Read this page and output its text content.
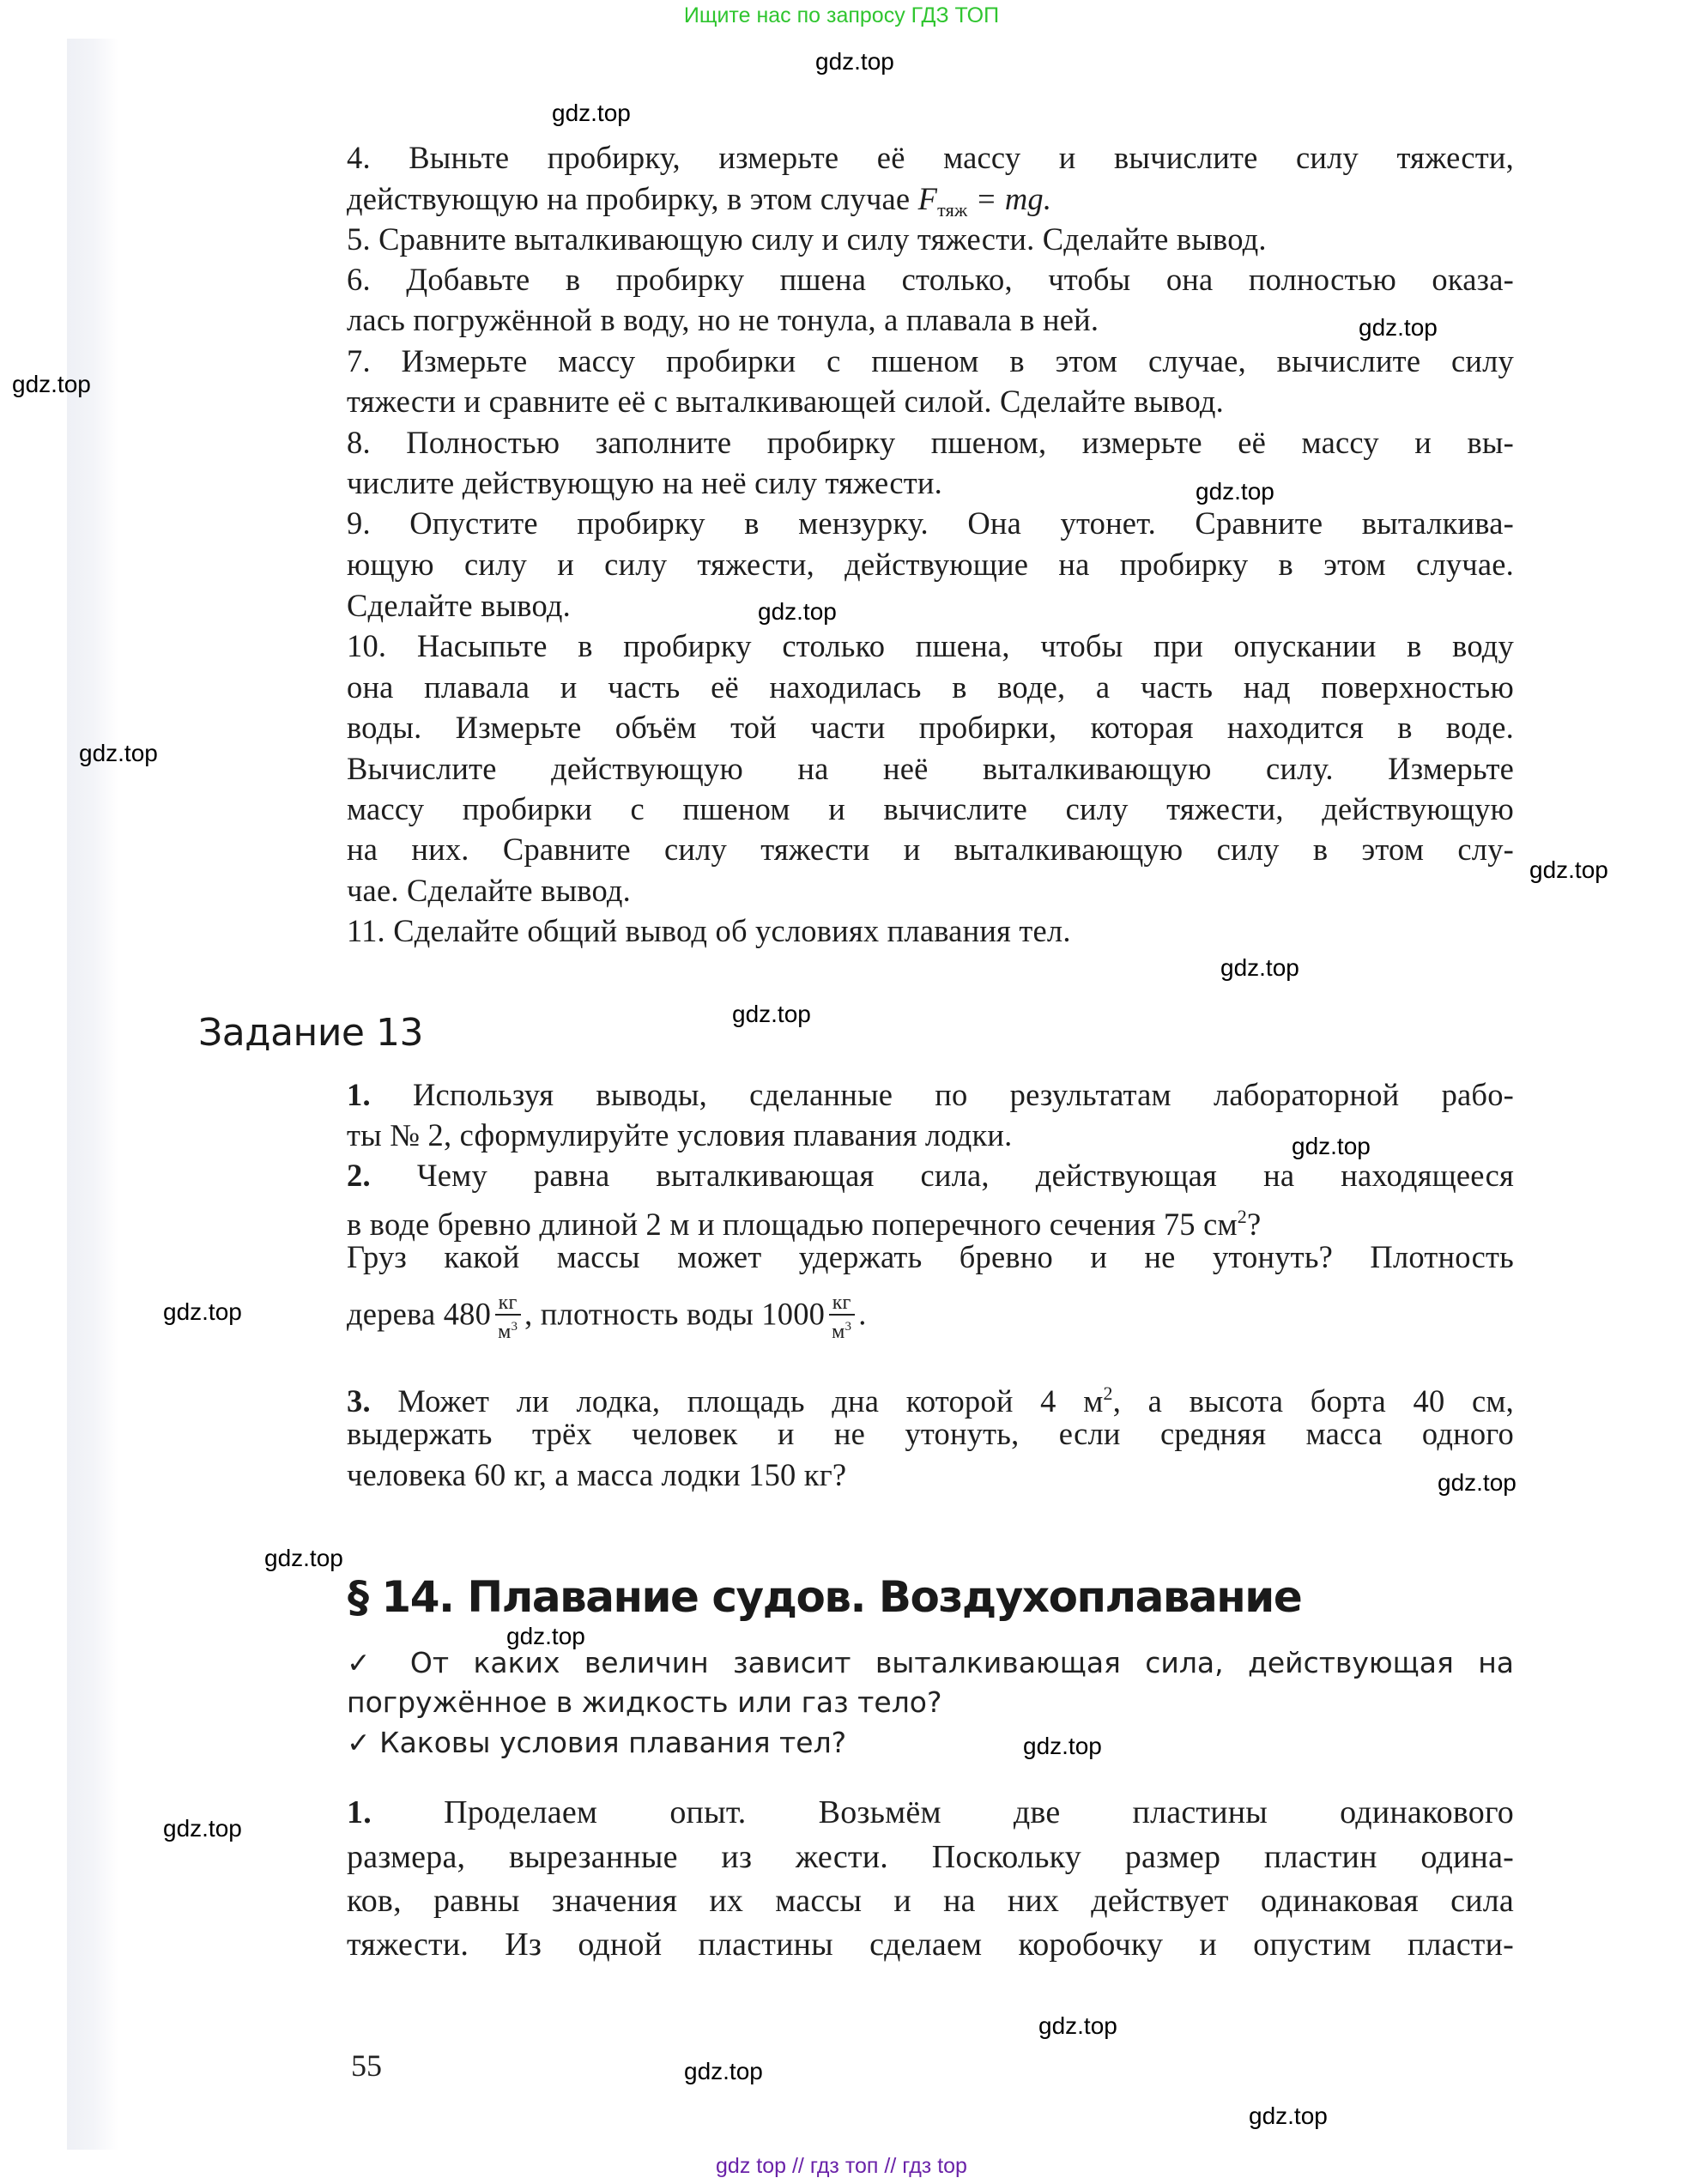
Ищите нас по запросу ГДЗ ТОП
4. Выньте пробирку, измерьте её массу и вычислите силу тяжести,
действующую на пробирку, в этом случае $F_{тяж}$ = mg.
5. Сравните выталкивающую силу и силу тяжести. Сделайте вывод.
6. Добавьте в пробирку пшена столько, чтобы она полностью оказа-
лась погружённой в воду, но не тонула, а плавала в ней.
7. Измерьте массу пробирки с пшеном в этом случае, вычислите силу
тяжести и сравните её с выталкивающей силой. Сделайте вывод.
8. Полностью заполните пробирку пшеном, измерьте её массу и вы-
числите действующую на неё силу тяжести.
9. Опустите пробирку в мензурку. Она утонет. Сравните выталкива-
ющую силу и силу тяжести, действующие на пробирку в этом случае.
Сделайте вывод.
10. Насыпьте в пробирку столько пшена, чтобы при опускании в воду
она плавала и часть её находилась в воде, а часть над поверхностью
воды. Измерьте объём той части пробирки, которая находится в воде.
Вычислите действующую на неё выталкивающую силу. Измерьте
массу пробирки с пшеном и вычислите силу тяжести, действующую
на них. Сравните силу тяжести и выталкивающую силу в этом слу-
чае. Сделайте вывод.
11. Сделайте общий вывод об условиях плавания тел.
Задание 13
1. Используя выводы, сделанные по результатам лабораторной рабо-
ты № 2, сформулируйте условия плавания лодки.
2. Чему равна выталкивающая сила, действующая на находящееся
в воде бревно длиной 2 м и площадью поперечного сечения 75 $см^2$?
Груз какой массы может удержать бревно и не утонуть? Плотность
дерева $480 \frac{кг}{м^3}$ , плотность воды $1000 \frac{кг}{м^3}$ .
3. Может ли лодка, площадь дна которой 4 $м^2$, а высота борта 40 см,
выдержать трёх человек и не утонуть, если средняя масса одного
человека 60 кг, а масса лодки 150 кг?
§ 14. Плавание судов. Воздухоплавание
✓ От каких величин зависит выталкивающая сила, действующая на
погружённое в жидкость или газ тело?
✓ Каковы условия плавания тел?
1. Проделаем опыт. Возьмём две пластины одинакового
размера, вырезанные из жести. Поскольку размер пластин одина-
ков, равны значения их массы и на них действует одинаковая сила
тяжести. Из одной пластины сделаем коробочку и опустим пласти-
55
gdz.top
gdz.top
gdz.top
gdz.top
gdz.top
gdz.top
gdz.top
gdz.top
gdz.top
gdz.top
gdz.top
gdz.top
gdz.top
gdz.top
gdz.top
gdz.top
gdz.top
gdz.top
gdz.top
gdz.top
gdz top // гдз топ // гдз top
